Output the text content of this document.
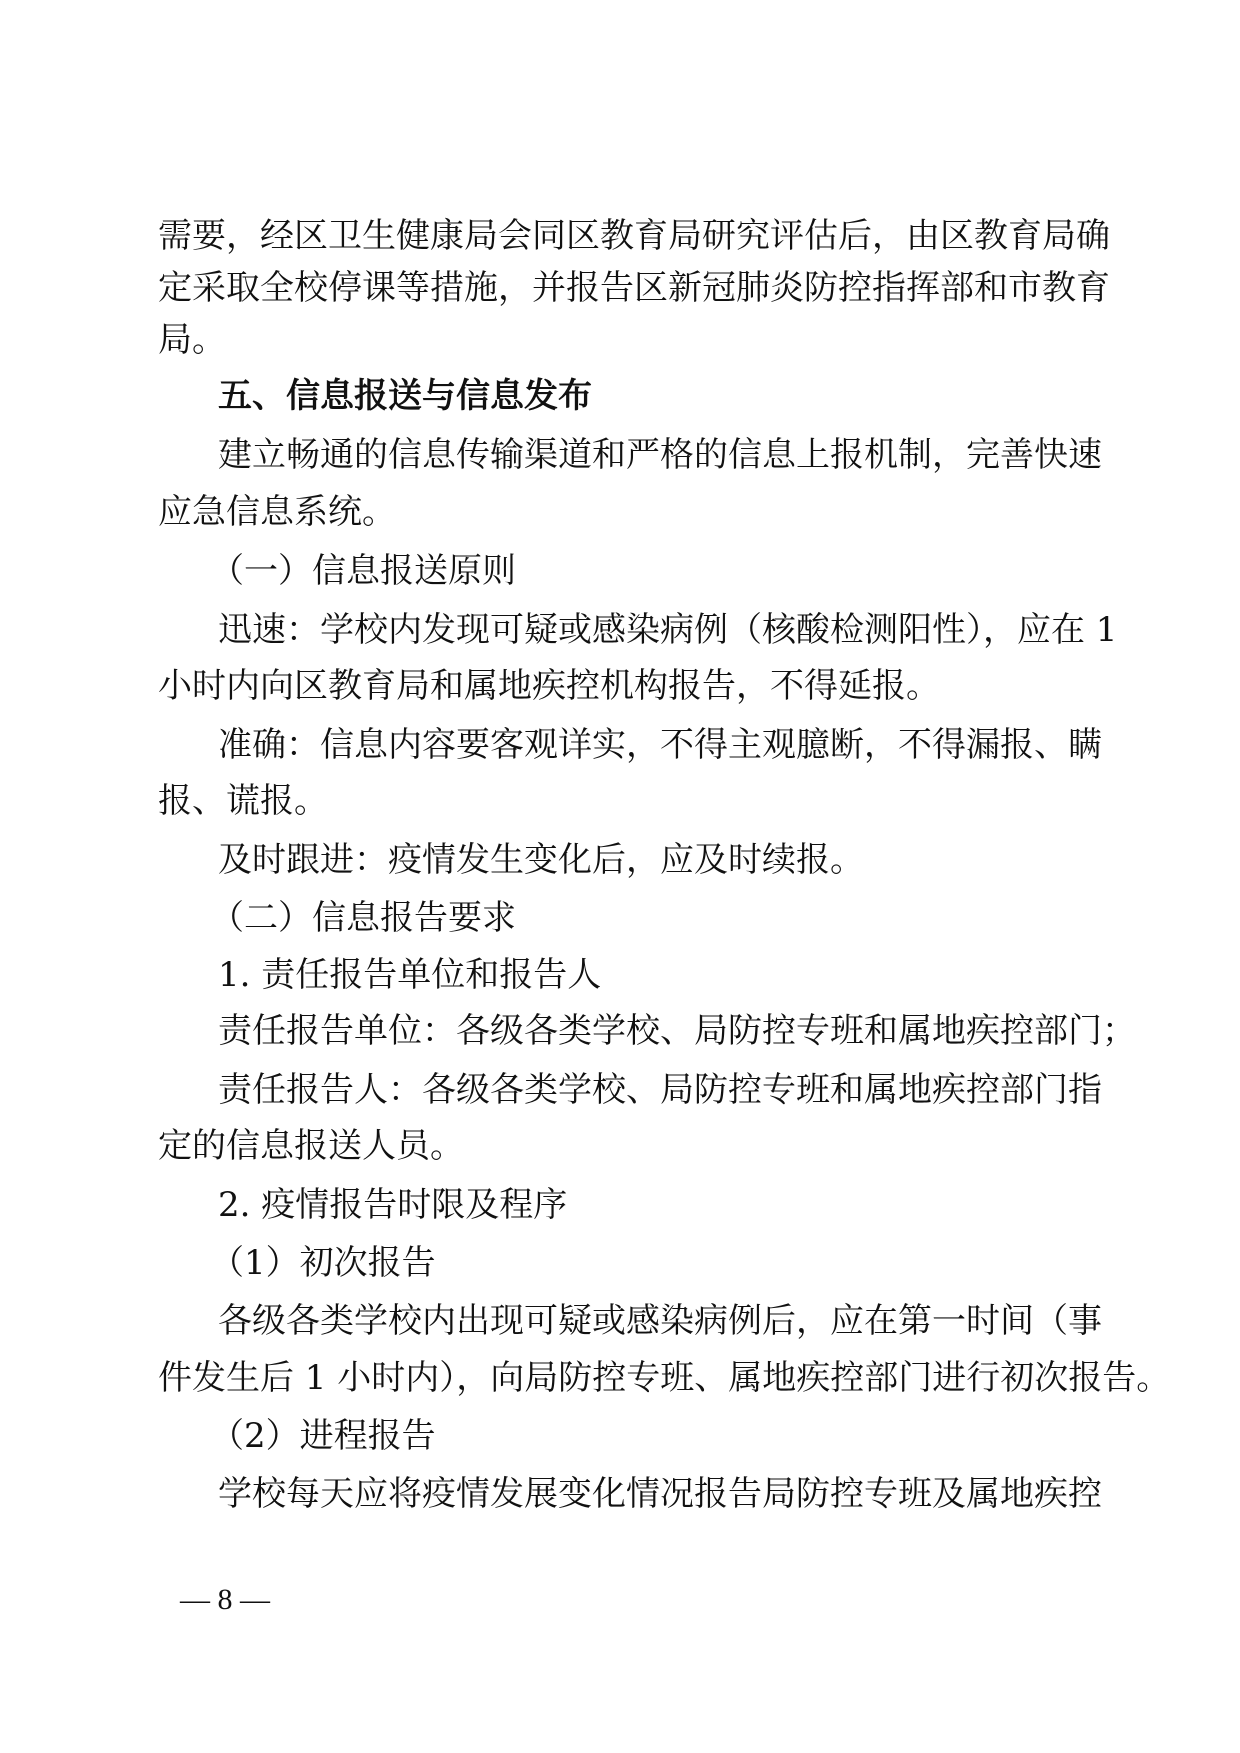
需要，经区卫生健康局会同区教育局研究评估后，由区教育局确

定采取全校停课等措施，并报告区新冠肺炎防控指挥部和市教育

局。

五、信息报送与信息发布

建立畅通的信息传输渠道和严格的信息上报机制，完善快速

应急信息系统。

（一）信息报送原则

迅速：学校内发现可疑或感染病例（核酸检测阳性），应在 1

小时内向区教育局和属地疾控机构报告，不得延报。

准确：信息内容要客观详实，不得主观臆断，不得漏报、瞒

报、谎报。

及时跟进：疫情发生变化后，应及时续报。

（二）信息报告要求

1. 责任报告单位和报告人

责任报告单位：各级各类学校、局防控专班和属地疾控部门；

责任报告人：各级各类学校、局防控专班和属地疾控部门指

定的信息报送人员。

2. 疫情报告时限及程序

（1）初次报告

各级各类学校内出现可疑或感染病例后，应在第一时间（事

件发生后 1 小时内），向局防控专班、属地疾控部门进行初次报告。

（2）进程报告

学校每天应将疫情发展变化情况报告局防控专班及属地疾控

— 8 —
